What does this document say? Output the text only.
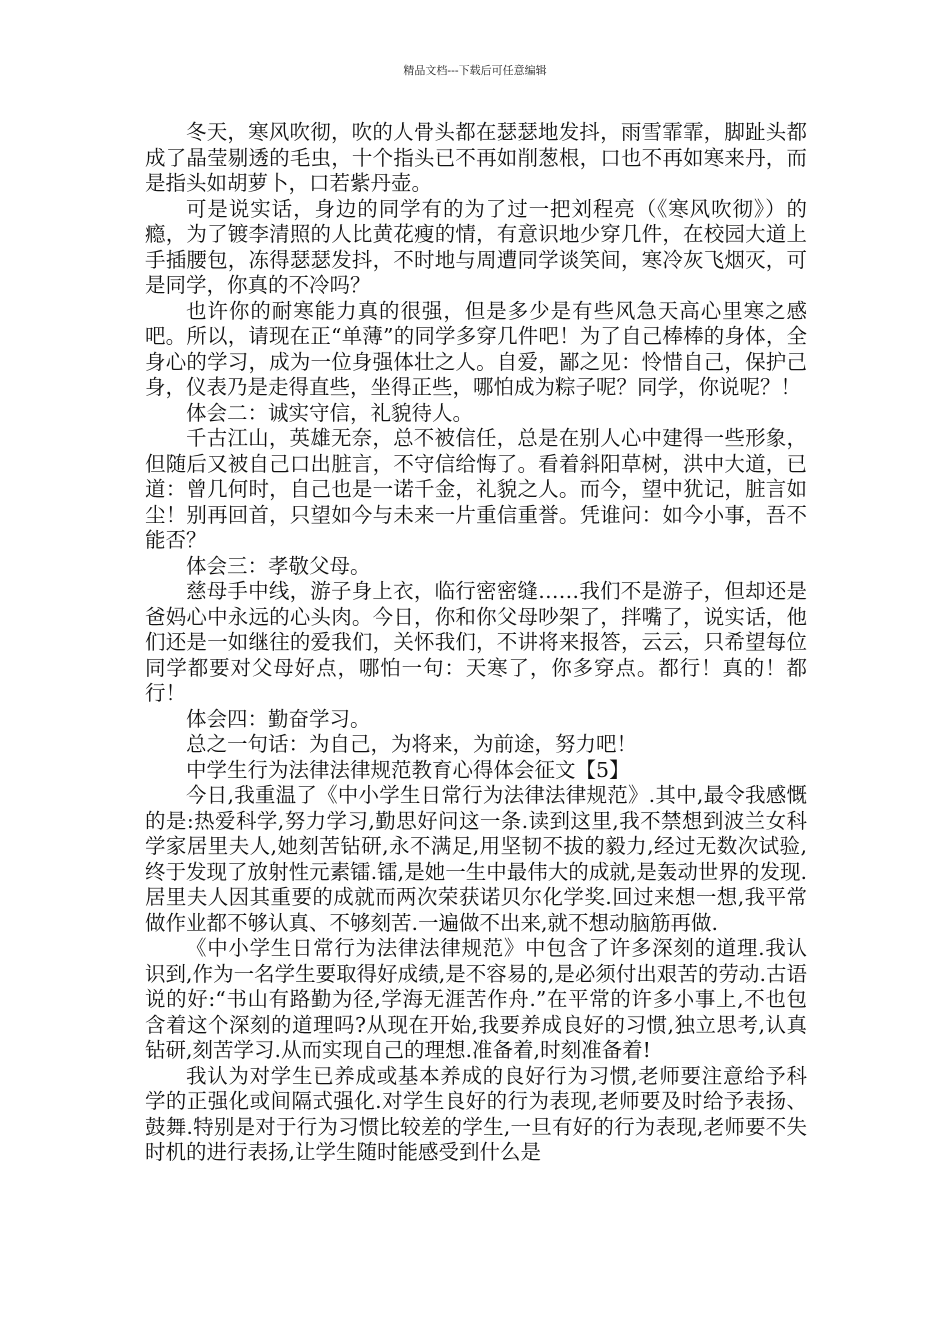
精品文档---下载后可任意编辑

冬天，寒风吹彻，吹的人骨头都在瑟瑟地发抖，雨雪霏霏，脚趾头都成了晶莹剔透的毛虫，十个指头已不再如削葱根，口也不再如寒来丹，而是指头如胡萝卜，口若紫丹壶。

可是说实话，身边的同学有的为了过一把刘程亮（《寒风吹彻》）的瘾，为了镀李清照的人比黄花瘦的情，有意识地少穿几件，在校园大道上手插腰包，冻得瑟瑟发抖，不时地与周遭同学谈笑间，寒冷灰飞烟灭，可是同学，你真的不冷吗？

也许你的耐寒能力真的很强，但是多少是有些风急天高心里寒之感吧。所以，请现在正“单薄”的同学多穿几件吧！为了自己棒棒的身体，全身心的学习，成为一位身强体壮之人。自爱，鄙之见：怜惜自己，保护己身，仪表乃是走得直些，坐得正些，哪怕成为粽子呢？同学，你说呢？！

体会二：诚实守信，礼貌待人。

千古江山，英雄无奈，总不被信任，总是在别人心中建得一些形象，但随后又被自己口出脏言，不守信给悔了。看着斜阳草树，洪中大道，已道：曾几何时，自己也是一诺千金，礼貌之人。而今，望中犹记，脏言如尘！别再回首，只望如今与未来一片重信重誉。凭谁问：如今小事，吾不能否？

体会三：孝敬父母。

慈母手中线，游子身上衣，临行密密缝……我们不是游子，但却还是爸妈心中永远的心头肉。今日，你和你父母吵架了，拌嘴了，说实话，他们还是一如继往的爱我们，关怀我们，不讲将来报答，云云，只希望每位同学都要对父母好点，哪怕一句：天寒了，你多穿点。都行！真的！都行！

体会四：勤奋学习。

总之一句话：为自己，为将来，为前途，努力吧！

中学生行为法律法律规范教育心得体会征文【5】

今日,我重温了《中小学生日常行为法律法律规范》.其中,最令我感慨的是:热爱科学,努力学习,勤思好问这一条.读到这里,我不禁想到波兰女科学家居里夫人,她刻苦钻研,永不满足,用坚韧不拔的毅力,经过无数次试验,终于发现了放射性元素镭.镭,是她一生中最伟大的成就,是轰动世界的发现.居里夫人因其重要的成就而两次荣获诺贝尔化学奖.回过来想一想,我平常做作业都不够认真、不够刻苦.一遍做不出来,就不想动脑筋再做.

《中小学生日常行为法律法律规范》中包含了许多深刻的道理.我认识到,作为一名学生要取得好成绩,是不容易的,是必须付出艰苦的劳动.古语说的好:“书山有路勤为径,学海无涯苦作舟.”在平常的许多小事上,不也包含着这个深刻的道理吗?从现在开始,我要养成良好的习惯,独立思考,认真钻研,刻苦学习.从而实现自己的理想.准备着,时刻准备着!

我认为对学生已养成或基本养成的良好行为习惯,老师要注意给予科学的正强化或间隔式强化.对学生良好的行为表现,老师要及时给予表扬、鼓舞.特别是对于行为习惯比较差的学生,一旦有好的行为表现,老师要不失时机的进行表扬,让学生随时能感受到什么是
